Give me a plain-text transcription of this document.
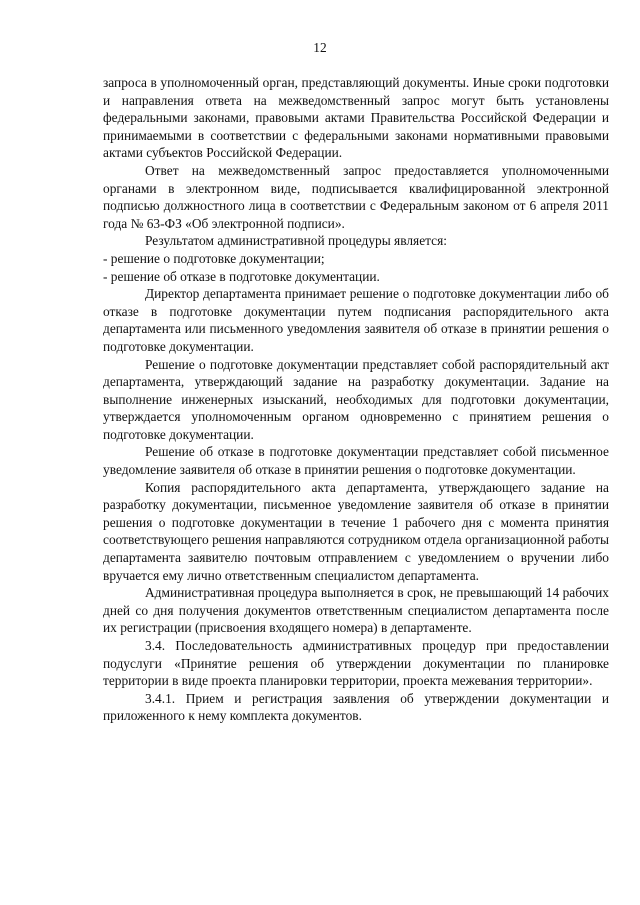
12

запроса в уполномоченный орган, представляющий документы. Иные сроки подготовки и направления ответа на межведомственный запрос могут быть установлены федеральными законами, правовыми актами Правительства Российской Федерации и принимаемыми в соответствии с федеральными законами нормативными правовыми актами субъектов Российской Федерации.

Ответ на межведомственный запрос предоставляется уполномоченными органами в электронном виде, подписывается квалифицированной электронной подписью должностного лица в соответствии с Федеральным законом от 6 апреля 2011 года № 63-ФЗ «Об электронной подписи».

Результатом административной процедуры является:

- решение о подготовке документации;

- решение об отказе в подготовке документации.

Директор департамента принимает решение о подготовке документации либо об отказе в подготовке документации путем подписания распорядительного акта департамента или письменного уведомления заявителя об отказе в принятии решения о подготовке документации.

Решение о подготовке документации представляет собой распорядительный акт департамента, утверждающий задание на разработку документации. Задание на выполнение инженерных изысканий, необходимых для подготовки документации, утверждается уполномоченным органом одновременно с принятием решения о подготовке документации.

Решение об отказе в подготовке документации представляет собой письменное уведомление заявителя об отказе в принятии решения о подготовке документации.

Копия распорядительного акта департамента, утверждающего задание на разработку документации, письменное уведомление заявителя об отказе в принятии решения о подготовке документации в течение 1 рабочего дня с момента принятия соответствующего решения направляются сотрудником отдела организационной работы департамента заявителю почтовым отправлением с уведомлением о вручении либо вручается ему лично ответственным специалистом департамента.

Административная процедура выполняется в срок, не превышающий 14 рабочих дней со дня получения документов ответственным специалистом департамента после их регистрации (присвоения входящего номера) в департаменте.

3.4. Последовательность административных процедур при предоставлении подуслуги «Принятие решения об утверждении документации по планировке территории в виде проекта планировки территории, проекта межевания территории».

3.4.1. Прием и регистрация заявления об утверждении документации и приложенного к нему комплекта документов.
